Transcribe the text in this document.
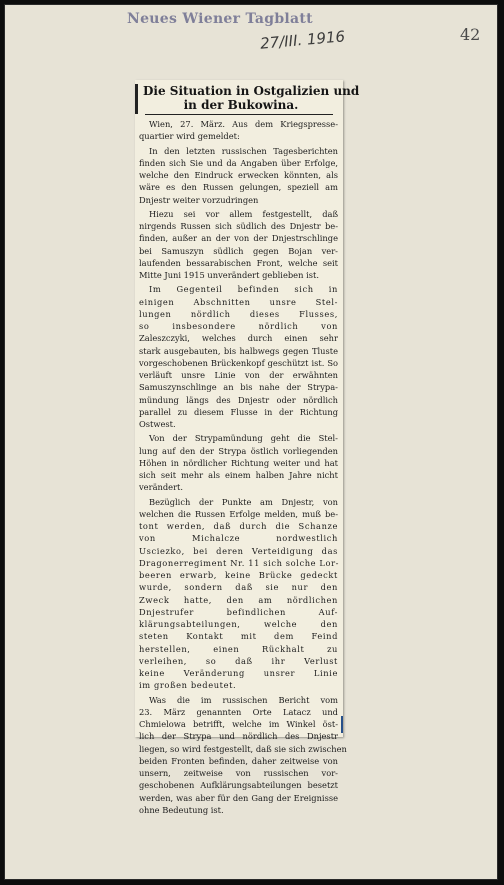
Neues Wiener Tagblatt
27/III. 1916	42
Die Situation in Ostgalizien und
in der Bukowina.
Wien, 27. März. Aus dem Kriegspresse-
quartier wird gemeldet:
In den letzten russischen Tagesberichten
finden sich Sie und da Angaben über Erfolge,
welche den Eindruck erwecken könnten, als
wäre es den Russen gelungen, speziell am
Dnjestr weiter vorzudringen
Hiezu sei vor allem festgestellt, daß
nirgends Russen sich südlich des Dnjestr be-
finden, außer an der von der Dnjestrschlinge
bei Samuszyn südlich gegen Bojan ver-
laufenden bessarabischen Front, welche seit
Mitte Juni 1915 unverändert geblieben ist.
Im Gegenteil befinden sich in
einigen Abschnitten unsre Stel-
lungen nördlich dieses Flusses,
so insbesondere nördlich von
Zaleszczyki, welches durch einen sehr
stark ausgebauten, bis halbwegs gegen Tluste
vorgeschobenen Brückenkopf geschützt ist. So
verläuft unsre Linie von der erwähnten
Samuszynschlinge an bis nahe der Strypa-
mündung längs des Dnjestr oder nördlich
parallel zu diesem Flusse in der Richtung
Ostwest.
Von der Strypamündung geht die Stel-
lung auf den der Strypa östlich vorliegenden
Höhen in nördlicher Richtung weiter und hat
sich seit mehr als einem halben Jahre nicht
verändert.
Bezüglich der Punkte am Dnjestr, von
welchen die Russen Erfolge melden, muß be-
tont werden, daß durch die Schanze
von Michalcze nordwestlich
Usciezko, bei deren Verteidigung das
Dragonerregiment Nr. 11 sich solche Lor-
beeren erwarb, keine Brücke gedeckt
wurde, sondern daß sie nur den
Zweck hatte, den am nördlichen
Dnjestrufer befindlichen Auf-
klärungsabteilungen, welche den
steten Kontakt mit dem Feind
herstellen, einen Rückhalt zu
verleihen, so daß ihr Verlust
keine Veränderung unsrer Linie
im großen bedeutet.
Was die im russischen Bericht vom
23. März genannten Orte Latacz und
Chmielowa betrifft, welche im Winkel öst-
lich der Strypa und nördlich des Dnjestr
liegen, so wird festgestellt, daß sie sich zwischen
beiden Fronten befinden, daher zeitweise von
unsern, zeitweise von russischen vor-
geschobenen Aufklärungsabteilungen besetzt
werden, was aber für den Gang der Ereignisse
ohne Bedeutung ist.
